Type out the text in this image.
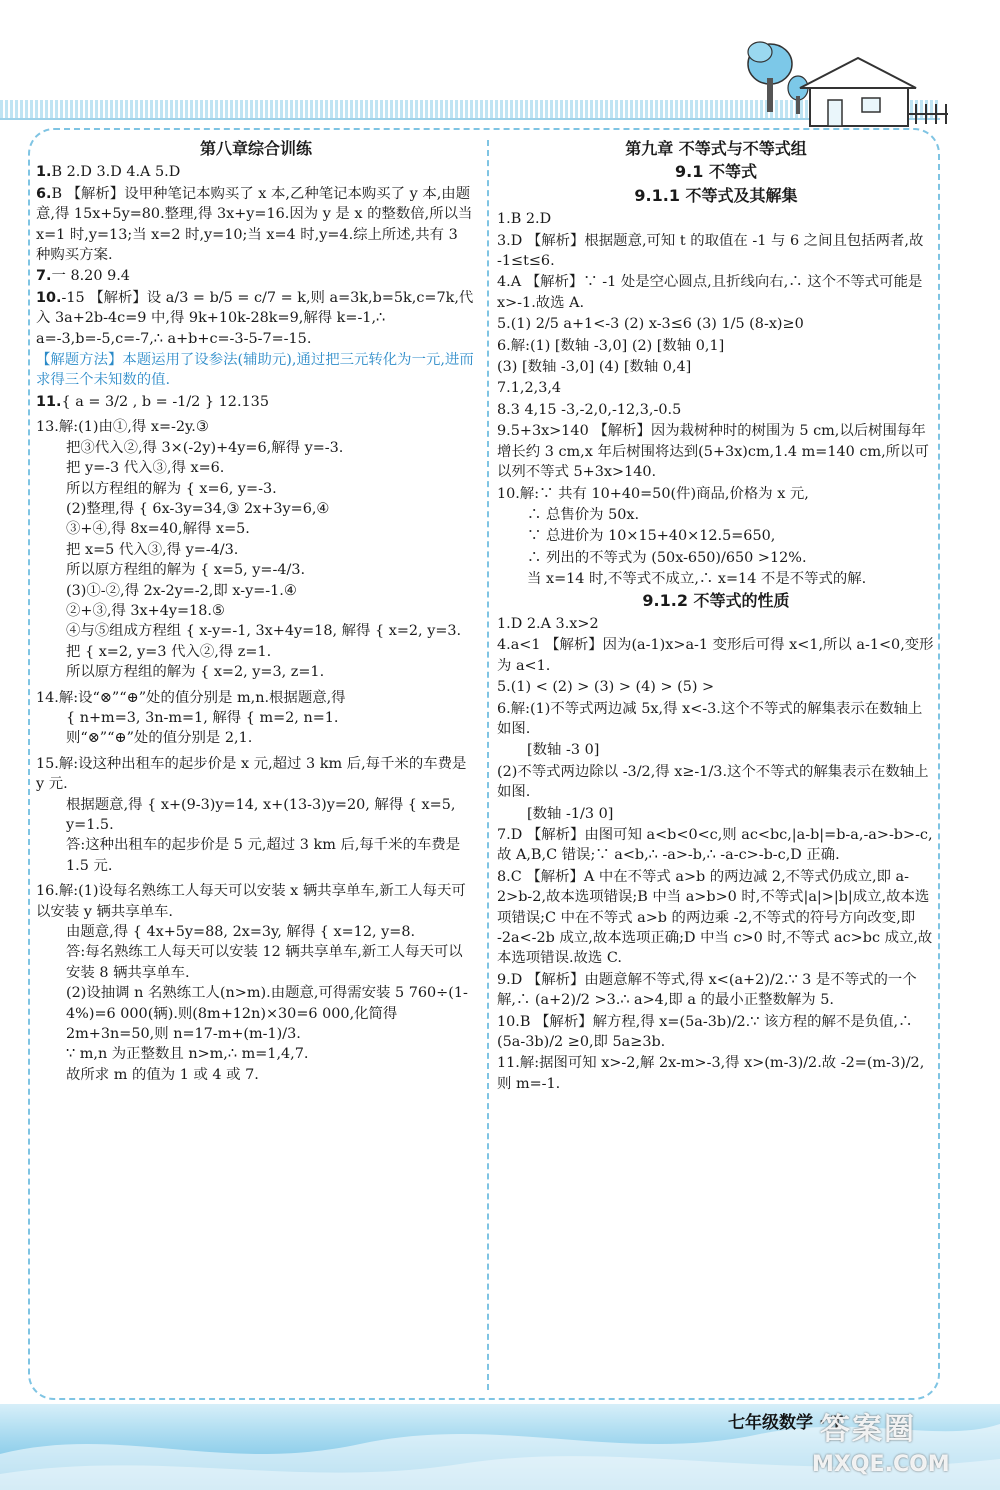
第八章综合训练
1.B 2.D 3.D 4.A 5.D
6.B 【解析】设甲种笔记本购买了 x 本,乙种笔记本购买了 y 本,由题意,得 15x+5y=80.整理,得 3x+y=16.因为 y 是 x 的整数倍,所以当 x=1 时,y=13;当 x=2 时,y=10;当 x=4 时,y=4.综上所述,共有 3 种购买方案.
7.一 8.20 9.4
10.-15 【解析】设 a/3 = b/5 = c/7 = k,则 a=3k,b=5k,c=7k,代入 3a+2b-4c=9 中,得 9k+10k-28k=9,解得 k=-1,∴ a=-3,b=-5,c=-7,∴ a+b+c=-3-5-7=-15.
【解题方法】本题运用了设参法(辅助元),通过把三元转化为一元,进而求得三个未知数的值.
11.{ a = 3/2 , b = -1/2 } 12.135
13.解:(1)由①,得 x=-2y.③
把③代入②,得 3×(-2y)+4y=6,解得 y=-3.
把 y=-3 代入③,得 x=6.
所以方程组的解为 { x=6, y=-3.
(2)整理,得 { 6x-3y=34,③ 2x+3y=6,④
③+④,得 8x=40,解得 x=5.
把 x=5 代入③,得 y=-4/3.
所以原方程组的解为 { x=5, y=-4/3.
(3)①-②,得 2x-2y=-2,即 x-y=-1.④
②+③,得 3x+4y=18.⑤
④与⑤组成方程组 { x-y=-1, 3x+4y=18, 解得 { x=2, y=3.
把 { x=2, y=3 代入②,得 z=1.
所以原方程组的解为 { x=2, y=3, z=1.
14.解:设“⊗”“⊕”处的值分别是 m,n.根据题意,得
{ n+m=3, 3n-m=1, 解得 { m=2, n=1.
则“⊗”“⊕”处的值分别是 2,1.
15.解:设这种出租车的起步价是 x 元,超过 3 km 后,每千米的车费是 y 元.
根据题意,得 { x+(9-3)y=14, x+(13-3)y=20, 解得 { x=5, y=1.5.
答:这种出租车的起步价是 5 元,超过 3 km 后,每千米的车费是 1.5 元.
16.解:(1)设每名熟练工人每天可以安装 x 辆共享单车,新工人每天可以安装 y 辆共享单车.
由题意,得 { 4x+5y=88, 2x=3y, 解得 { x=12, y=8.
答:每名熟练工人每天可以安装 12 辆共享单车,新工人每天可以安装 8 辆共享单车.
(2)设抽调 n 名熟练工人(n>m).由题意,可得需安装 5 760÷(1-4%)=6 000(辆).则(8m+12n)×30=6 000,化简得 2m+3n=50,则 n=17-m+(m-1)/3.
∵ m,n 为正整数且 n>m,∴ m=1,4,7.
故所求 m 的值为 1 或 4 或 7.
第九章 不等式与不等式组
9.1 不等式
9.1.1 不等式及其解集
1.B 2.D
3.D 【解析】根据题意,可知 t 的取值在 -1 与 6 之间且包括两者,故 -1≤t≤6.
4.A 【解析】∵ -1 处是空心圆点,且折线向右,∴ 这个不等式可能是 x>-1.故选 A.
5.(1) 2/5 a+1<-3 (2) x-3≤6 (3) 1/5 (8-x)≥0
6.解:(1) [数轴 -3,0] (2) [数轴 0,1]
(3) [数轴 -3,0] (4) [数轴 0,4]
7.1,2,3,4
8.3 4,15 -3,-2,0,-12,3,-0.5
9.5+3x>140 【解析】因为栽树种时的树围为 5 cm,以后树围每年增长约 3 cm,x 年后树围将达到(5+3x)cm,1.4 m=140 cm,所以可以列不等式 5+3x>140.
10.解:∵ 共有 10+40=50(件)商品,价格为 x 元,
∴ 总售价为 50x.
∵ 总进价为 10×15+40×12.5=650,
∴ 列出的不等式为 (50x-650)/650 >12%.
当 x=14 时,不等式不成立,∴ x=14 不是不等式的解.
9.1.2 不等式的性质
1.D 2.A 3.x>2
4.a<1 【解析】因为(a-1)x>a-1 变形后可得 x<1,所以 a-1<0,变形为 a<1.
5.(1) < (2) > (3) > (4) > (5) >
6.解:(1)不等式两边减 5x,得 x<-3.这个不等式的解集表示在数轴上如图.
[数轴 -3 0]
(2)不等式两边除以 -3/2,得 x≥-1/3.这个不等式的解集表示在数轴上如图.
[数轴 -1/3 0]
7.D 【解析】由图可知 a<b<0<c,则 ac<bc,|a-b|=b-a,-a>-b>-c,故 A,B,C 错误;∵ a<b,∴ -a>-b,∴ -a-c>-b-c,D 正确.
8.C 【解析】A 中在不等式 a>b 的两边减 2,不等式仍成立,即 a-2>b-2,故本选项错误;B 中当 a>b>0 时,不等式|a|>|b|成立,故本选项错误;C 中在不等式 a>b 的两边乘 -2,不等式的符号方向改变,即 -2a<-2b 成立,故本选项正确;D 中当 c>0 时,不等式 ac>bc 成立,故本选项错误.故选 C.
9.D 【解析】由题意解不等式,得 x<(a+2)/2.∵ 3 是不等式的一个解,∴ (a+2)/2 >3.∴ a>4,即 a 的最小正整数解为 5.
10.B 【解析】解方程,得 x=(5a-3b)/2.∵ 该方程的解不是负值,∴ (5a-3b)/2 ≥0,即 5a≥3b.
11.解:据图可知 x>-2,解 2x-m>-3,得 x>(m-3)/2.故 -2=(m-3)/2,则 m=-1.
七年级数学 · T
答案圈
MXQE.COM
